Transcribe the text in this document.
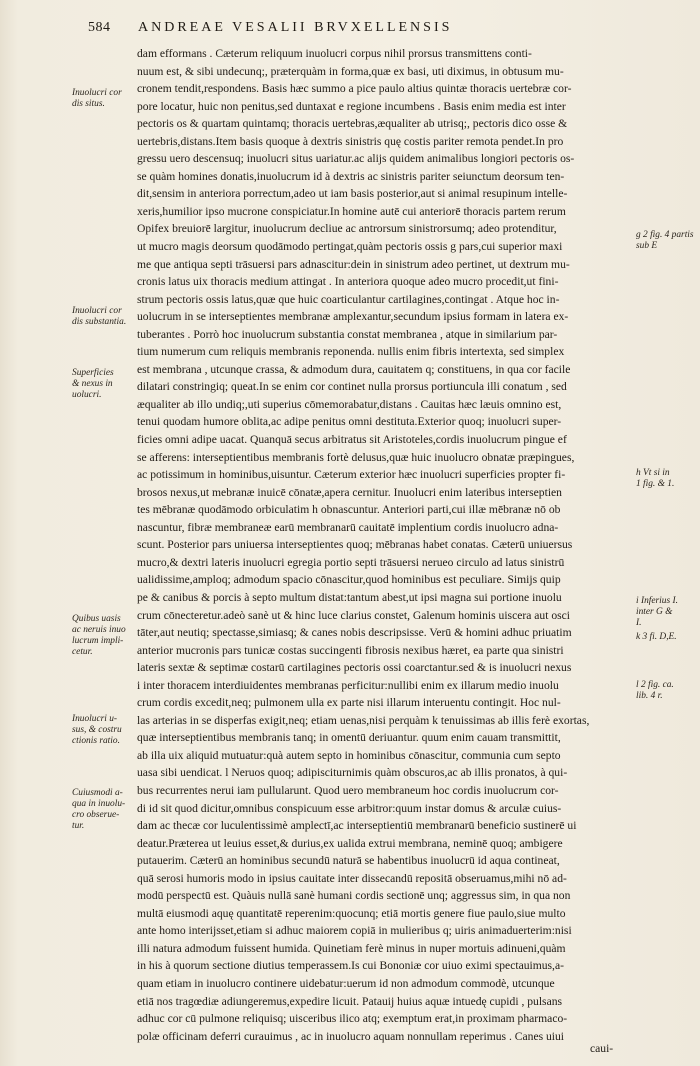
584 ANDREAE VESALII BRVXELLENSIS
dam efformans . Cæterum reliquum inuolucri corpus nihil prorsus transmittens conti-
nuum est, & sibi undecunq;, præterquàm in forma,quæ ex basi, uti diximus, in obtusum mu-
cronem tendit,respondens. Basis hæc summo a pice paulo altius quintæ thoracis uertebræ cor-
pore locatur, huic non penitus,sed duntaxat e regione incumbens . Basis enim media est inter
pectoris os & quartam quintamq; thoracis uertebras,æqualiter ab utrisq;, pectoris dico osse &
uertebris,distans.Item basis quoque à dextris sinistris quę costis pariter remota pendet.In pro
gressu uero descensuq; inuolucri situs uariatur.ac alijs quidem animalibus longiori pectoris os-
se quàm homines donatis,inuolucrum id à dextris ac sinistris pariter seiunctum deorsum ten-
dit,sensim in anteriora porrectum,adeo ut iam basis posterior,aut si animal resupinum intelle-
xeris,humilior ipso mucrone conspiciatur.In homine autē cui anteriorē thoracis partem rerum
Opifex breuiorē largitur, inuolucrum decliue ac antrorsum sinistrorsumq; adeo protenditur,
ut mucro magis deorsum quodāmodo pertingat,quàm pectoris ossis g pars,cui superior maxi
me que antiqua septi trāsuersi pars adnascitur:dein in sinistrum adeo pertinet, ut dextrum mu-
cronis latus uix thoracis medium attingat . In anteriora quoque adeo mucro procedit,ut fini-
strum pectoris ossis latus,quæ que huic coarticulantur cartilagines,contingat . Atque hoc in-
uolucrum in se interseptientes membranæ amplexantur,secundum ipsius formam in latera ex-
tuberantes . Porrò hoc inuolucrum substantia constat membranea , atque in similarium par-
tium numerum cum reliquis membranis reponenda. nullis enim fibris intertexta, sed simplex
est membrana , utcunque crassa, & admodum dura, cauitatem q; constituens, in qua cor facile
dilatari constringiq; queat.In se enim cor continet nulla prorsus portiuncula illi conatum , sed
æqualiter ab illo undiq;,uti superius cōmemorabatur,distans . Cauitas hæc læuis omnino est,
tenui quodam humore oblita,ac adipe penitus omni destituta.Exterior quoq; inuolucri super-
ficies omni adipe uacat. Quanquā secus arbitratus sit Aristoteles,cordis inuolucrum pingue ef
se afferens: interseptientibus membranis fortè delusus,quæ huic inuolucro obnatæ præpingues,
ac potissimum in hominibus,uisuntur. Cæterum exterior hæc inuolucri superficies propter fi-
brosos nexus,ut mebranæ inuicē cōnatæ,apera cernitur. Inuolucri enim lateribus interseptien
tes mēbranæ quodāmodo orbiculatim h obnascuntur. Anteriori parti,cui illæ mēbranæ nō ob
nascuntur, fibræ membraneæ earū membranarū cauitatē implentium cordis inuolucro adna-
scunt. Posterior pars uniuersa interseptientes quoq; mēbranas habet conatas. Cæterū uniuersus
mucro,& dextri lateris inuolucri egregia portio septi trāsuersi nerueo circulo ad latus sinistrū
ualidissime,amploq; admodum spacio cōnascitur,quod hominibus est peculiare. Simijs quip
pe & canibus & porcis à septo multum distat:tantum abest,ut ipsi magna sui portione inuolu
crum cōnecteretur.adeò sanè ut & hinc luce clarius constet, Galenum hominis uiscera aut osci
tāter,aut neutiq; spectasse,simiasq; & canes nobis descripsisse. Verū & homini adhuc priuatim
anterior mucronis pars tunicæ costas succingenti fibrosis nexibus hæret, ea parte qua sinistri
lateris sextæ & septimæ costarū cartilagines pectoris ossi coarctantur.sed & is inuolucri nexus
i inter thoracem interdiuidentes membranas perficitur:nullibi enim ex illarum medio inuolu
crum cordis excedit,neq; pulmonem ulla ex parte nisi illarum interuentu contingit. Hoc nul-
las arterias in se disperfas exigit,neq; etiam uenas,nisi perquàm k tenuissimas ab illis ferè exortas,
quæ interseptientibus membranis tanq; in omentū deriuantur. quum enim cauam transmittit,
ab illa uix aliquid mutuatur:quà autem septo in hominibus cōnascitur, communia cum septo
uasa sibi uendicat. l Neruos quoq; adipisciturnimis quàm obscuros,ac ab illis pronatos, à qui-
bus recurrentes nerui iam pullularunt. Quod uero membraneum hoc cordis inuolucrum cor-
di id sit quod dicitur,omnibus conspicuum esse arbitror:quum instar domus & arculæ cuius-
dam ac thecæ cor luculentissimè amplectī,ac interseptientiū membranarū beneficio sustinerē ui
deatur.Præterea ut leuius esset,& durius,ex ualida extrui membrana, neminē quoq; ambigere
putauerim. Cæterū an hominibus secundū naturā se habentibus inuolucrū id aqua contineat,
quā serosi humoris modo in ipsius cauitate inter dissecandū repositā obseruamus,mihi nō ad-
modū perspectū est. Quàuis nullā sanè humani cordis sectionē unq; aggressus sim, in qua non
multā eiusmodi aquę quantitatē reperenim:quocunq; etiā mortis genere fiue paulo,siue multo
ante homo interijsset,etiam si adhuc maiorem copiā in mulieribus q; uiris animaduerterim:nisi
illi natura admodum fuissent humida. Quinetiam ferè minus in nuper mortuis adinueni,quàm
in his à quorum sectione diutius temperassem.Is cui Bononiæ cor uiuo eximi spectauimus,a-
quam etiam in inuolucro continere uidebatur:uerum id non admodum commodè, utcunque
etiā nos tragœdiæ adiungeremus,expedire licuit. Patauij huius aquæ intuedę cupidi , pulsans
adhuc cor cū pulmone reliquisq; uisceribus ilico atq; exemptum erat,in proximam pharmaco-
polæ officinam deferri curauimus , ac in inuolucro aquam nonnullam reperimus . Canes uiui
Inuolucri cor
dis situs.
Inuolucri cor
dis substantia.
Superficies
& nexus in
uolucri.
Quibus uasis
ac neruis inuo
lucrum impli-
cetur.
Inuolucri u-
sus, & costru
ctionis ratio.
Cuiusmodi a-
qua in inuolu-
cro obserue-
tur.
g 2 fig. 4 partis
sub E
h Vt si in
1 fig. & 1.
i Inferius I.
inter G &
I.
k 3 fi. D,E.
l 2 fig. ca.
lib. 4 r.
caui-
